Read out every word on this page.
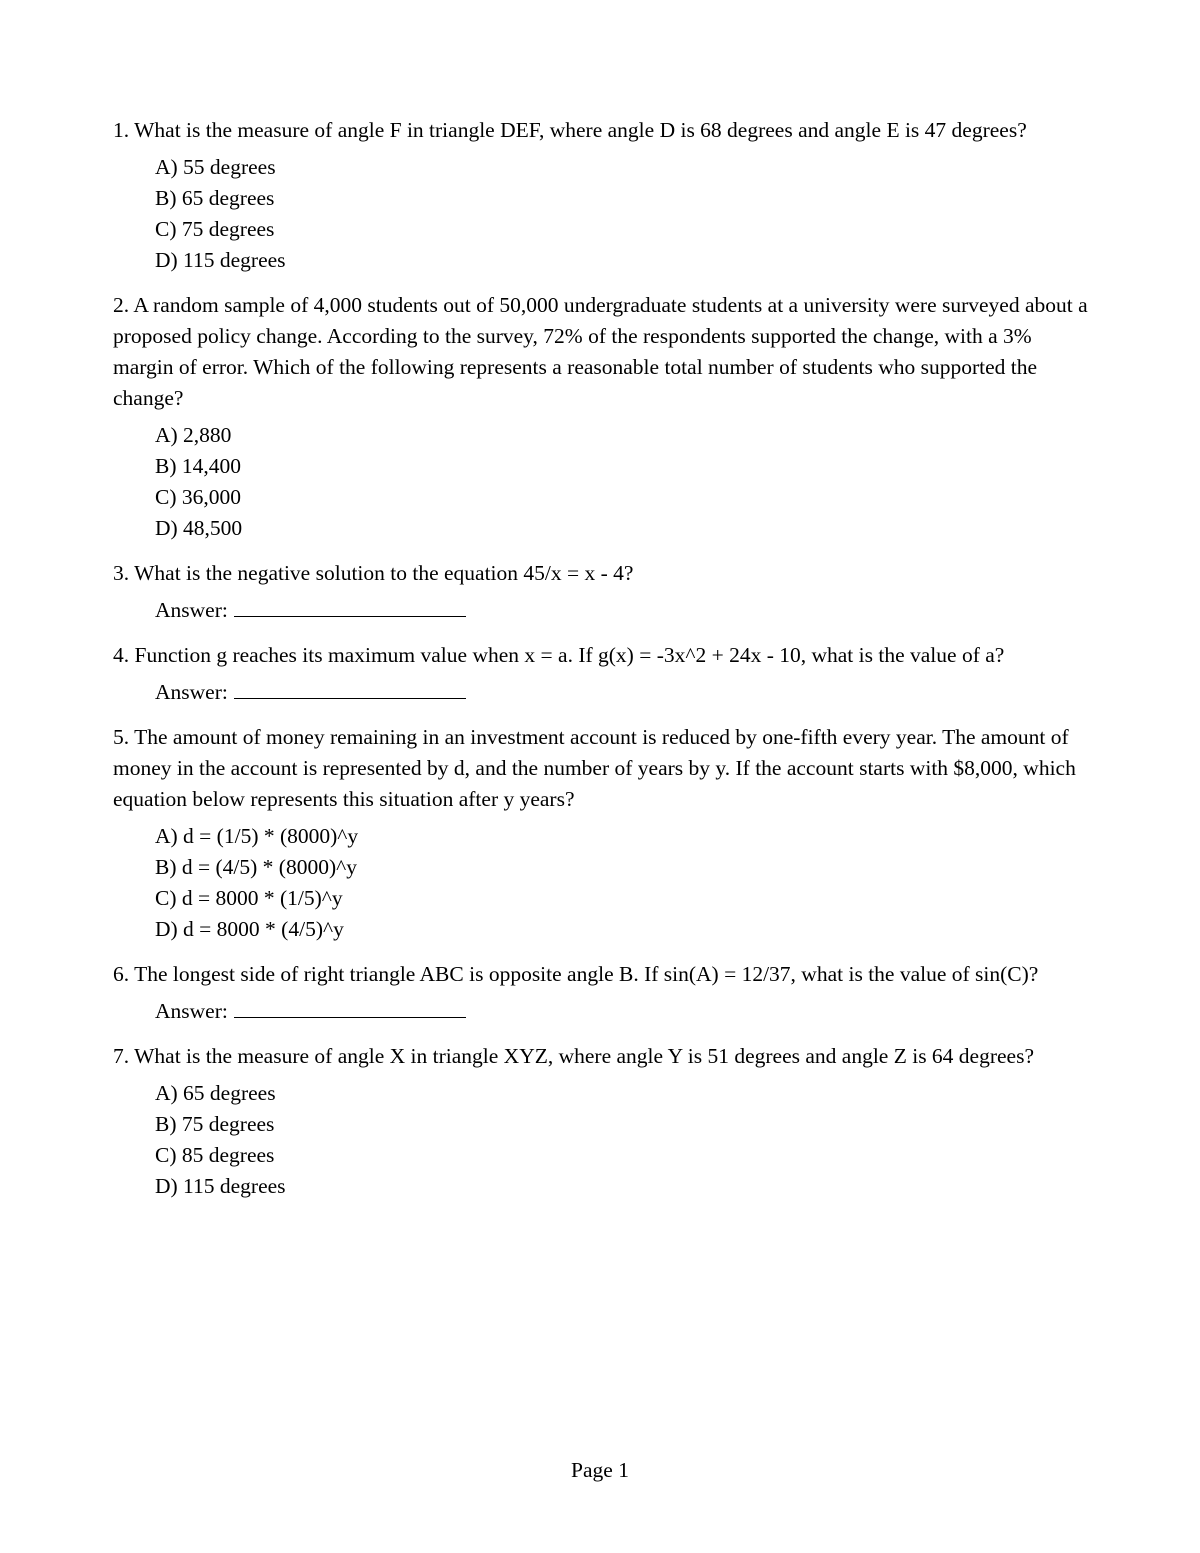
1. What is the measure of angle F in triangle DEF, where angle D is 68 degrees and angle E is 47 degrees?

A) 55 degrees
B) 65 degrees
C) 75 degrees
D) 115 degrees

2. A random sample of 4,000 students out of 50,000 undergraduate students at a university were surveyed about a proposed policy change. According to the survey, 72% of the respondents supported the change, with a 3% margin of error. Which of the following represents a reasonable total number of students who supported the change?

A) 2,880
B) 14,400
C) 36,000
D) 48,500

3. What is the negative solution to the equation 45/x = x - 4?

Answer:

4. Function g reaches its maximum value when x = a. If g(x) = -3x^2 + 24x - 10, what is the value of a?

Answer:

5. The amount of money remaining in an investment account is reduced by one-fifth every year. The amount of money in the account is represented by d, and the number of years by y. If the account starts with $8,000, which equation below represents this situation after y years?

A) d = (1/5) * (8000)^y
B) d = (4/5) * (8000)^y
C) d = 8000 * (1/5)^y
D) d = 8000 * (4/5)^y

6. The longest side of right triangle ABC is opposite angle B. If sin(A) = 12/37, what is the value of sin(C)?

Answer:

7. What is the measure of angle X in triangle XYZ, where angle Y is 51 degrees and angle Z is 64 degrees?

A) 65 degrees
B) 75 degrees
C) 85 degrees
D) 115 degrees
Page 1
